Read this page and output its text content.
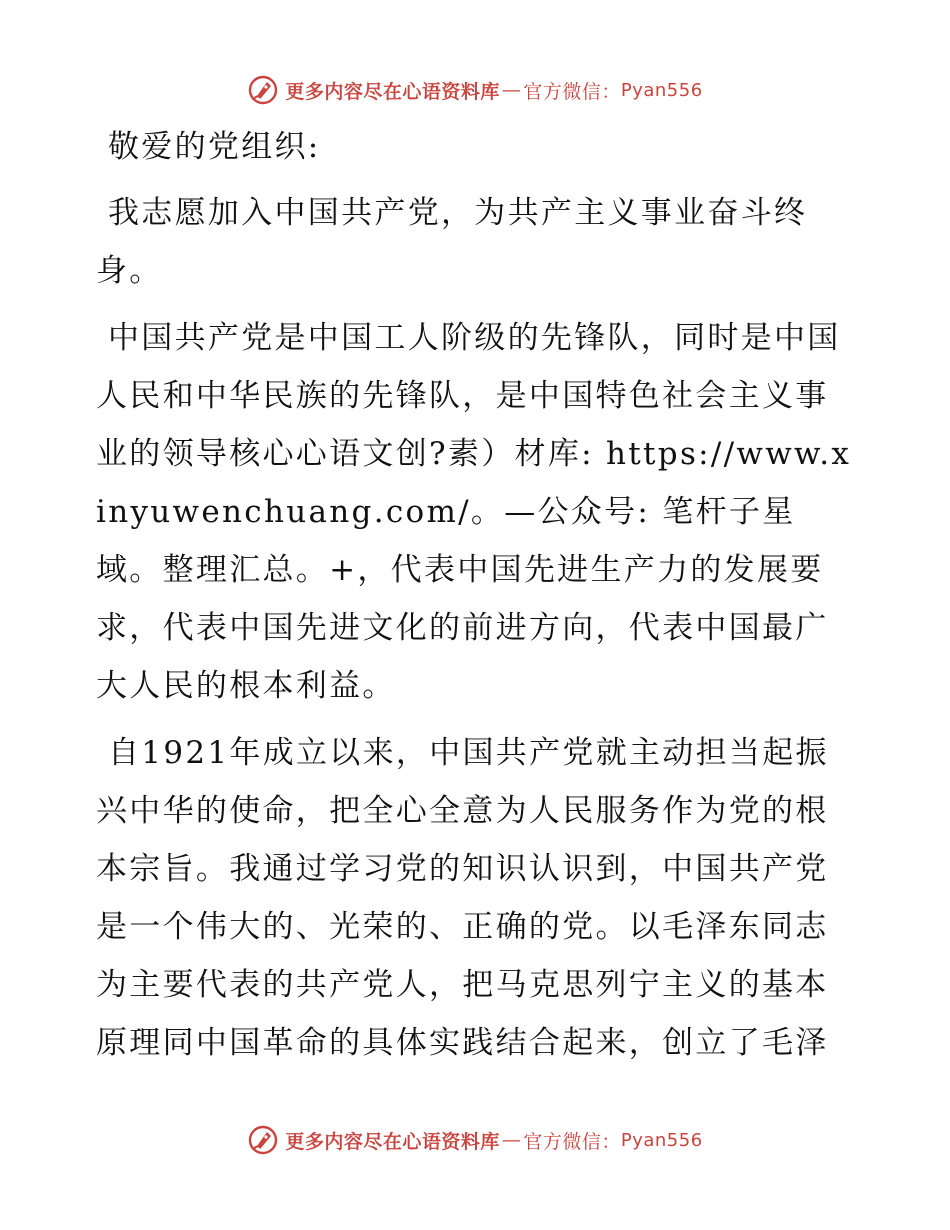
更多内容尽在心语资料库 — 官方微信： Pyan556

敬爱的党组织:

我志愿加入中国共产党，为共产主义事业奋斗终身。

中国共产党是中国工人阶级的先锋队，同时是中国人民和中华民族的先锋队，是中国特色社会主义事业的领导核心心语文创?素）材库: https://www.xinyuwenchuang.com/。—公众号: 笔杆子星域。整理汇总。+，代表中国先进生产力的发展要求，代表中国先进文化的前进方向，代表中国最广大人民的根本利益。

自1921年成立以来，中国共产党就主动担当起振兴中华的使命，把全心全意为人民服务作为党的根本宗旨。我通过学习党的知识认识到，中国共产党是一个伟大的、光荣的、正确的党。以毛泽东同志为主要代表的共产党人，把马克思列宁主义的基本原理同中国革命的具体实践结合起来，创立了毛泽

更多内容尽在心语资料库 — 官方微信： Pyan556
